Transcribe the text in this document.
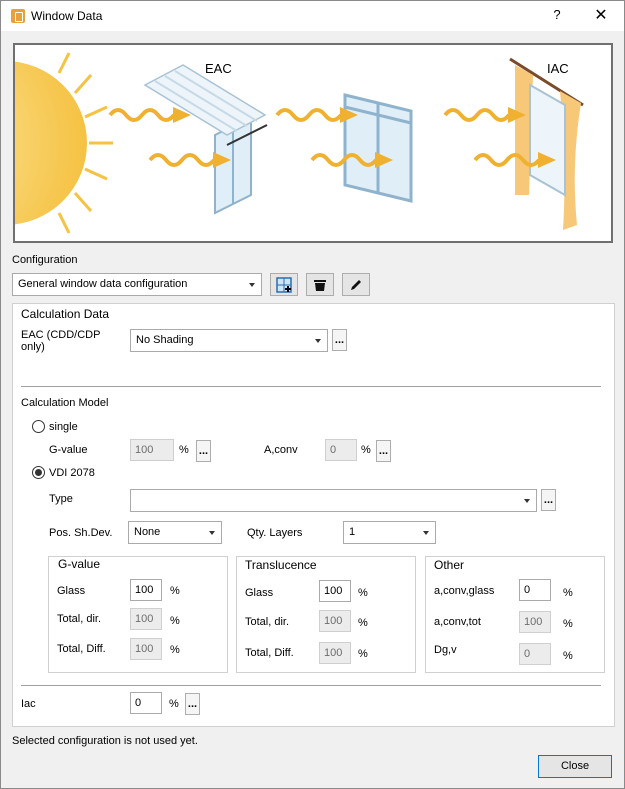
Window Data	? ✕
EAC	IAC
Configuration
General window data configuration
Calculation Data
EAC (CDD/CDP only)
No Shading	...
Calculation Model
single
G-value	100	% ...	A,conv	0	% ...
VDI 2078
Type	...
Pos. Sh.Dev.	None	Qty. Layers	1
G-value
Glass	100	%
Total, dir.	100	%
Total, Diff.	100	%
Translucence
Glass	100	%
Total, dir.	100	%
Total, Diff.	100	%
Other
a,conv,glass	0	%
a,conv,tot	100	%
Dg,v	0	%
Iac	0	% ...
Selected configuration is not used yet.
Close
